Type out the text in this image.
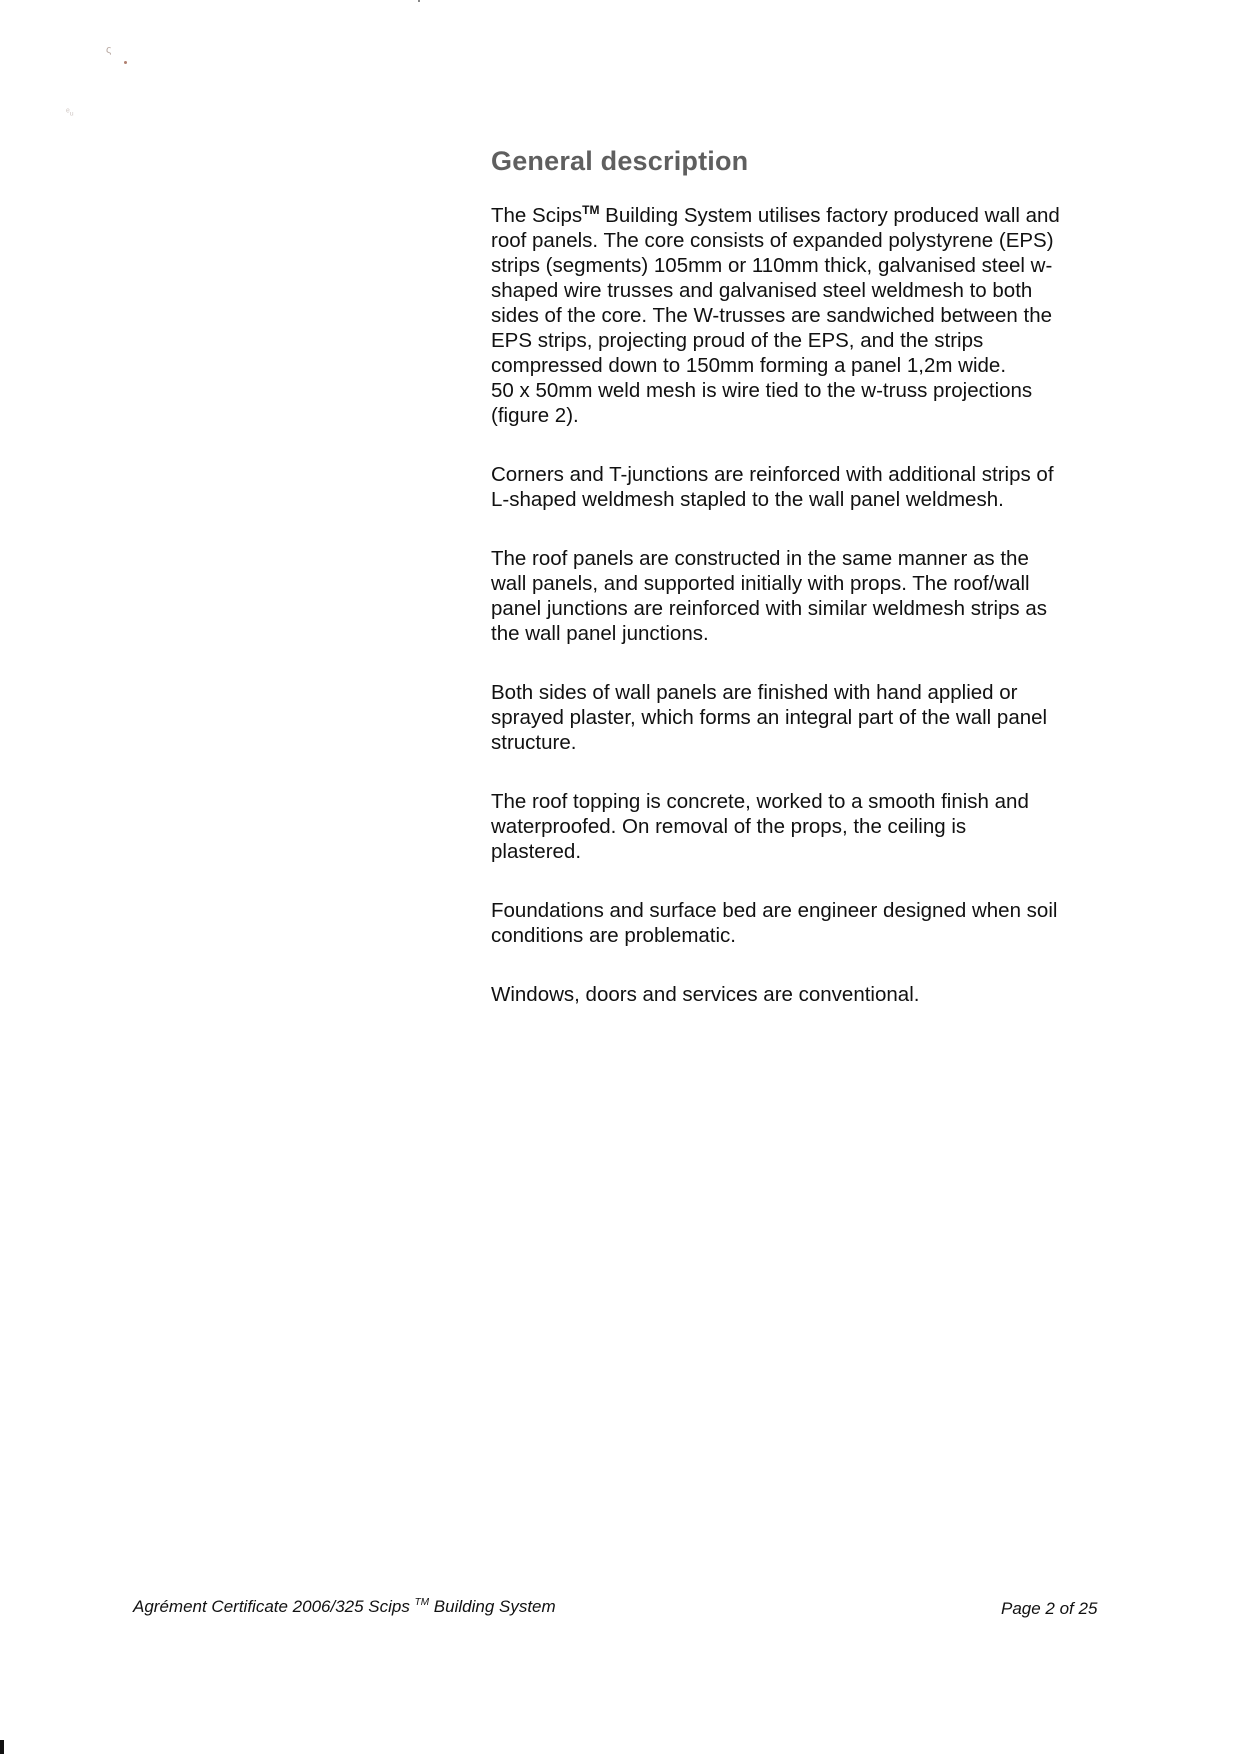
ς
ᵉᵤ
General description

The Scips™ Building System utilises factory produced wall and
roof panels. The core consists of expanded polystyrene (EPS)
strips (segments) 105mm or 110mm thick, galvanised steel w-
shaped wire trusses and galvanised steel weldmesh to both
sides of the core. The W-trusses are sandwiched between the
EPS strips, projecting proud of the EPS, and the strips
compressed down to 150mm forming a panel 1,2m wide.
50 x 50mm weld mesh is wire tied to the w-truss projections
(figure 2).

Corners and T-junctions are reinforced with additional strips of
L-shaped weldmesh stapled to the wall panel weldmesh.

The roof panels are constructed in the same manner as the
wall panels, and supported initially with props. The roof/wall
panel junctions are reinforced with similar weldmesh strips as
the wall panel junctions.

Both sides of wall panels are finished with hand applied or
sprayed plaster, which forms an integral part of the wall panel
structure.

The roof topping is concrete, worked to a smooth finish and
waterproofed. On removal of the props, the ceiling is
plastered.

Foundations and surface bed are engineer designed when soil
conditions are problematic.

Windows, doors and services are conventional.

Agrément Certificate 2006/325 Scips ™ Building System	Page 2 of 25
